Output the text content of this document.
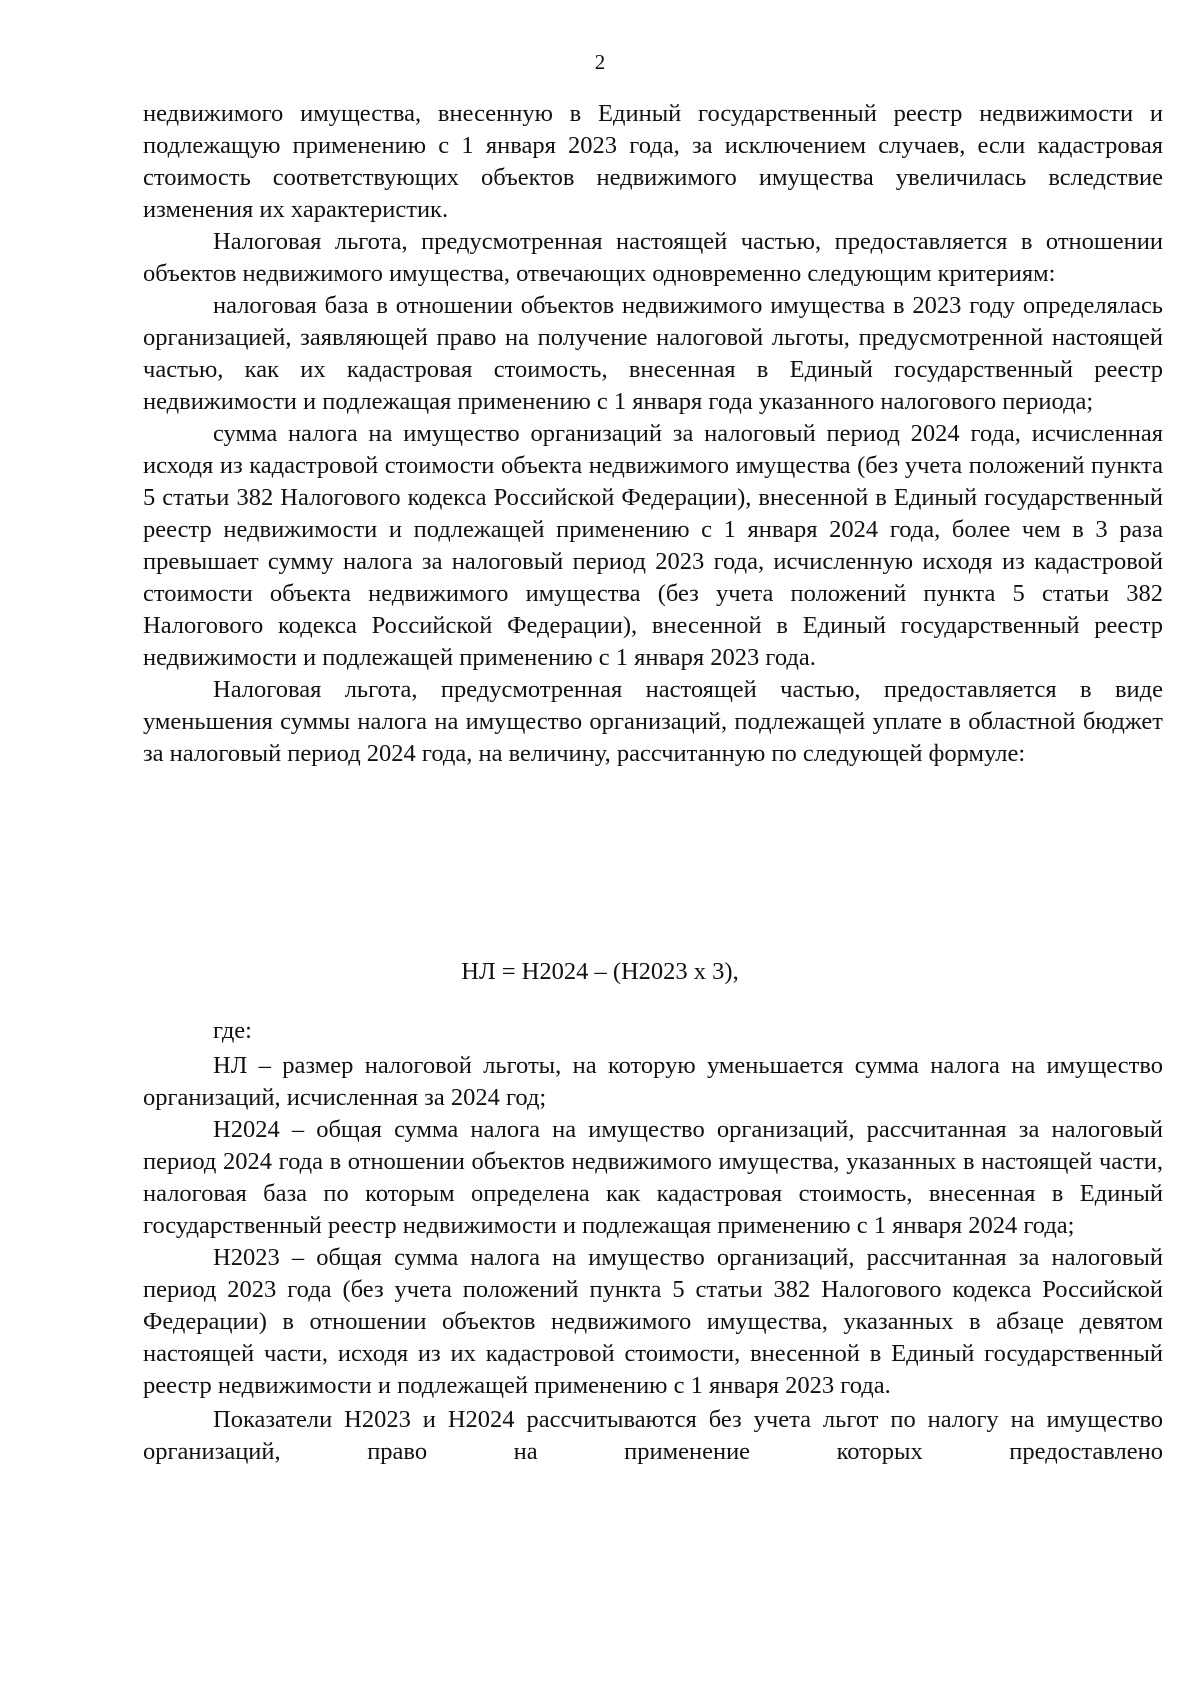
2

недвижимого имущества, внесенную в Единый государственный реестр недвижимости и подлежащую применению с 1 января 2023 года, за исключением случаев, если кадастровая стоимость соответствующих объектов недвижимого имущества увеличилась вследствие изменения их характеристик.

Налоговая льгота, предусмотренная настоящей частью, предоставляется в отношении объектов недвижимого имущества, отвечающих одновременно следующим критериям:

налоговая база в отношении объектов недвижимого имущества в 2023 году определялась организацией, заявляющей право на получение налоговой льготы, предусмотренной настоящей частью, как их кадастровая стоимость, внесенная в Единый государственный реестр недвижимости и подлежащая применению с 1 января года указанного налогового периода;

сумма налога на имущество организаций за налоговый период 2024 года, исчисленная исходя из кадастровой стоимости объекта недвижимого имущества (без учета положений пункта 5 статьи 382 Налогового кодекса Российской Федерации), внесенной в Единый государственный реестр недвижимости и подлежащей применению с 1 января 2024 года, более чем в 3 раза превышает сумму налога за налоговый период 2023 года, исчисленную исходя из кадастровой стоимости объекта недвижимого имущества (без учета положений пункта 5 статьи 382 Налогового кодекса Российской Федерации), внесенной в Единый государственный реестр недвижимости и подлежащей применению с 1 января 2023 года.

Налоговая льгота, предусмотренная настоящей частью, предоставляется в виде уменьшения суммы налога на имущество организаций, подлежащей уплате в областной бюджет за налоговый период 2024 года, на величину, рассчитанную по следующей формуле:

НЛ = Н2024 – (Н2023 х 3),
где:

НЛ – размер налоговой льготы, на которую уменьшается сумма налога на имущество организаций, исчисленная за 2024 год;

Н2024 – общая сумма налога на имущество организаций, рассчитанная за налоговый период 2024 года в отношении объектов недвижимого имущества, указанных в настоящей части, налоговая база по которым определена как кадастровая стоимость, внесенная в Единый государственный реестр недвижимости и подлежащая применению с 1 января 2024 года;

Н2023 – общая сумма налога на имущество организаций, рассчитанная за налоговый период 2023 года (без учета положений пункта 5 статьи 382 Налогового кодекса Российской Федерации) в отношении объектов недвижимого имущества, указанных в абзаце девятом настоящей части, исходя из их кадастровой стоимости, внесенной в Единый государственный реестр недвижимости и подлежащей применению с 1 января 2023 года.

Показатели Н2023 и Н2024 рассчитываются без учета льгот по налогу на имущество организаций, право на применение которых предоставлено
